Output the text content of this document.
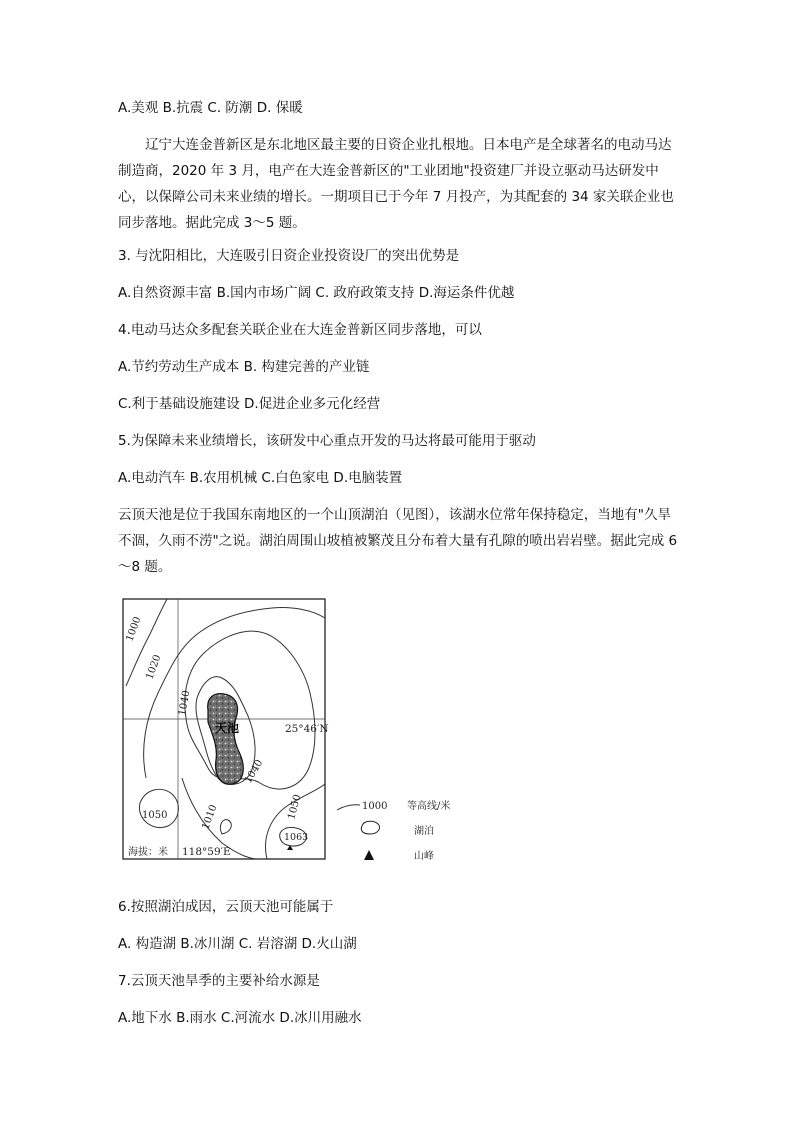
A.美观 B.抗震 C. 防潮 D. 保暖
辽宁大连金普新区是东北地区最主要的日资企业扎根地。日本电产是全球著名的电动马达制造商，2020 年 3 月，电产在大连金普新区的"工业团地"投资建厂并设立驱动马达研发中心，以保障公司未来业绩的增长。一期项目已于今年 7 月投产，为其配套的 34 家关联企业也同步落地。据此完成 3～5 题。
3. 与沈阳相比，大连吸引日资企业投资设厂的突出优势是
A.自然资源丰富 B.国内市场广阔 C. 政府政策支持 D.海运条件优越
4.电动马达众多配套关联企业在大连金普新区同步落地，可以
A.节约劳动生产成本 B. 构建完善的产业链
C.利于基础设施建设 D.促进企业多元化经营
5.为保障未来业绩增长，该研发中心重点开发的马达将最可能用于驱动
A.电动汽车 B.农用机械 C.白色家电 D.电脑装置
云顶天池是位于我国东南地区的一个山顶湖泊（见图），该湖水位常年保持稳定，当地有"久旱不涸，久雨不涝"之说。湖泊周围山坡植被繁茂且分布着大量有孔隙的喷出岩岩壁。据此完成 6～8 题。
天池
1000
1020
1040
1040
1050	1010	1050
25°46′N
1063
海拔：米 118°59′E
1000 等高线/米
湖泊
山峰
6.按照湖泊成因，云顶天池可能属于
A. 构造湖 B.冰川湖 C. 岩溶湖 D.火山湖
7.云顶天池旱季的主要补给水源是
A.地下水 B.雨水 C.河流水 D.冰川用融水
